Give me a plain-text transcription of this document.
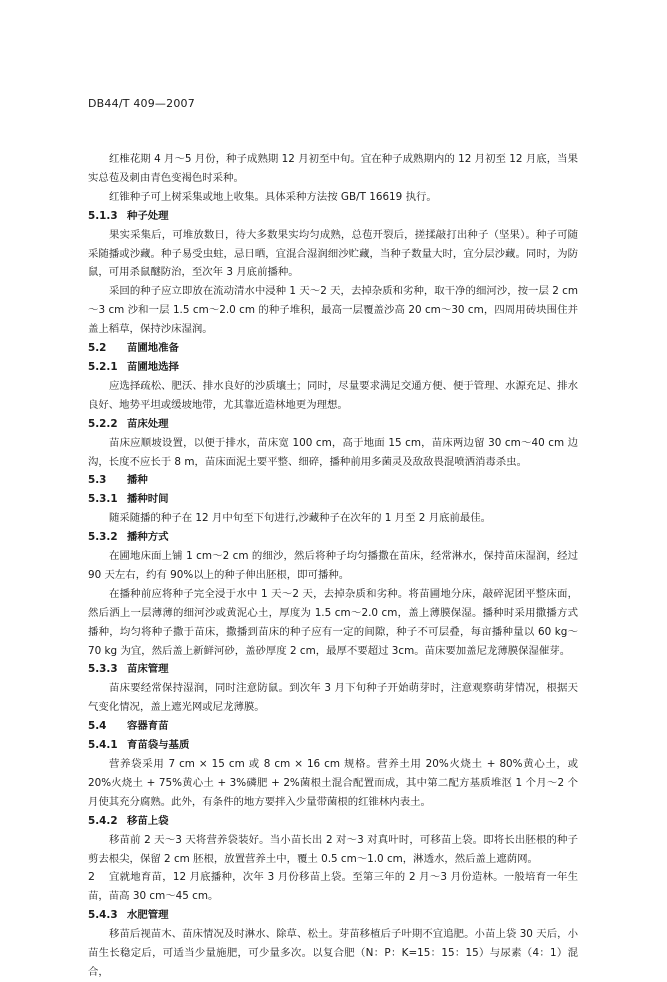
DB44/T 409—2007

红椎花期 4 月～5 月份，种子成熟期 12 月初至中旬。宜在种子成熟期内的 12 月初至 12 月底，当果实总苞及刺由青色变褐色时采种。

红锥种子可上树采集或地上收集。具体采种方法按 GB/T 16619 执行。

5.1.3 种子处理

果实采集后，可堆放数日，待大多数果实均匀成熟，总苞开裂后，搓揉敲打出种子（坚果）。种子可随采随播或沙藏。种子易受虫蛀，忌日晒，宜混合湿润细沙贮藏，当种子数量大时，宜分层沙藏。同时，为防鼠，可用杀鼠醚防治，至次年 3 月底前播种。

采回的种子应立即放在流动清水中浸种 1 天～2 天，去掉杂质和劣种，取干净的细河沙，按一层 2 cm～3 cm 沙和一层 1.5 cm～2.0 cm 的种子堆积，最高一层覆盖沙高 20 cm～30 cm，四周用砖块围住并盖上稻草，保持沙床湿润。

5.2 苗圃地准备

5.2.1 苗圃地选择

应选择疏松、肥沃、排水良好的沙质壤土；同时，尽量要求满足交通方便、便于管理、水源充足、排水良好、地势平坦或缓坡地带，尤其靠近造林地更为理想。

5.2.2 苗床处理

苗床应顺坡设置，以便于排水，苗床宽 100 cm，高于地面 15 cm，苗床两边留 30 cm～40 cm 边沟，长度不应长于 8 m，苗床面泥土要平整、细碎，播种前用多菌灵及敌敌畏混喷洒消毒杀虫。

5.3 播种

5.3.1 播种时间

随采随播的种子在 12 月中旬至下旬进行,沙藏种子在次年的 1 月至 2 月底前最佳。

5.3.2 播种方式

在圃地床面上铺 1 cm～2 cm 的细沙，然后将种子均匀播撒在苗床，经常淋水，保持苗床湿润，经过 90 天左右，约有 90%以上的种子伸出胚根，即可播种。

在播种前应将种子完全浸于水中 1 天～2 天，去掉杂质和劣种。将苗圃地分床，敲碎泥团平整床面，然后洒上一层薄薄的细河沙或黄泥心土，厚度为 1.5 cm～2.0 cm，盖上薄膜保湿。播种时采用撒播方式播种，均匀将种子撒于苗床，撒播到苗床的种子应有一定的间隙，种子不可层叠，每亩播种量以 60 kg～70 kg 为宜，然后盖上新鲜河砂，盖砂厚度 2 cm，最厚不要超过 3cm。苗床要加盖尼龙薄膜保湿催芽。

5.3.3 苗床管理

苗床要经常保持湿润，同时注意防鼠。到次年 3 月下旬种子开始萌芽时，注意观察萌芽情况，根据天气变化情况，盖上遮光网或尼龙薄膜。

5.4 容器育苗

5.4.1 育苗袋与基质

营养袋采用 7 cm × 15 cm 或 8 cm × 16 cm 规格。营养土用 20%火烧土 + 80%黄心土，或 20%火烧土 + 75%黄心土 + 3%磷肥 + 2%菌根土混合配置而成，其中第二配方基质堆沤 1 个月～2 个月使其充分腐熟。此外，有条件的地方要拌入少量带菌根的红锥林内表土。

5.4.2 移苗上袋

移苗前 2 天～3 天将营养袋装好。当小苗长出 2 对～3 对真叶时，可移苗上袋。即将长出胚根的种子剪去根尖，保留 2 cm 胚根，放置营养土中，覆土 0.5 cm～1.0 cm，淋透水，然后盖上遮荫网。

宜就地育苗，12 月底播种，次年 3 月份移苗上袋。至第三年的 2 月～3 月份造林。一般培育一年生苗，苗高 30 cm～45 cm。

5.4.3 水肥管理

移苗后视苗木、苗床情况及时淋水、除草、松土。芽苗移植后子叶期不宜追肥。小苗上袋 30 天后，小苗生长稳定后，可适当少量施肥，可少量多次。以复合肥（N：P：K=15：15：15）与尿素（4：1）混合，

2
